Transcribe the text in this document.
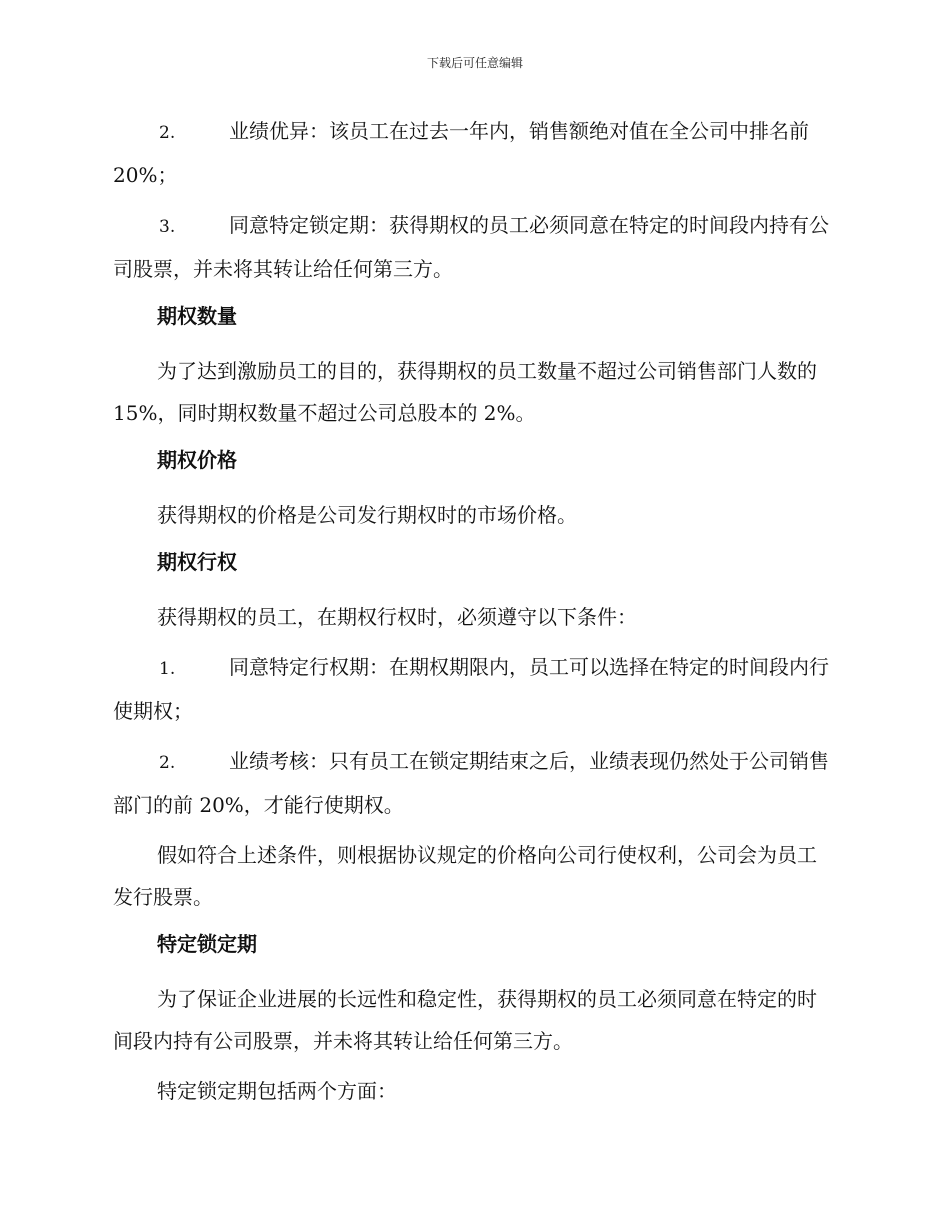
下载后可任意编辑

2.	业绩优异：该员工在过去一年内，销售额绝对值在全公司中排名前 20%；

3.	同意特定锁定期：获得期权的员工必须同意在特定的时间段内持有公司股票，并未将其转让给任何第三方。

期权数量

为了达到激励员工的目的，获得期权的员工数量不超过公司销售部门人数的 15%，同时期权数量不超过公司总股本的 2%。

期权价格

获得期权的价格是公司发行期权时的市场价格。

期权行权

获得期权的员工，在期权行权时，必须遵守以下条件：

1.	同意特定行权期：在期权期限内，员工可以选择在特定的时间段内行使期权；

2.	业绩考核：只有员工在锁定期结束之后，业绩表现仍然处于公司销售部门的前 20%，才能行使期权。

假如符合上述条件，则根据协议规定的价格向公司行使权利，公司会为员工发行股票。

特定锁定期

为了保证企业进展的长远性和稳定性，获得期权的员工必须同意在特定的时间段内持有公司股票，并未将其转让给任何第三方。

特定锁定期包括两个方面：
